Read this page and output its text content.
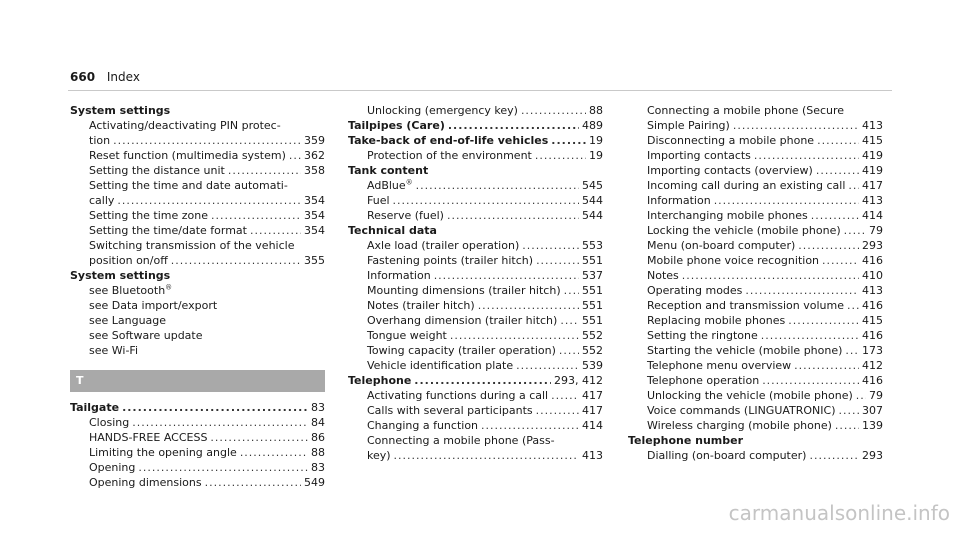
660 Index
System settings
Activating/deactivating PIN protec-
tion .....	359
Reset function (multimedia system) ..... 362
Setting the distance unit .....	358
Setting the time and date automati-
cally .....	354
Setting the time zone .....	354
Setting the time/date format .....	354
Switching transmission of the vehicle
position on/off .....	355
System settings
see Bluetooth®
see Data import/export
see Language
see Software update
see Wi-Fi
T
Tailgate .....	83
Closing .....	84
HANDS-FREE ACCESS .....	86
Limiting the opening angle .....	88
Opening .....	83
Opening dimensions .....	549
Unlocking (emergency key) .....	88
Tailpipes (Care) .....	489
Take-back of end-of-life vehicles .....	19
Protection of the environment .....	19
Tank content
AdBlue® .....	545
Fuel .....	544
Reserve (fuel) .....	544
Technical data
Axle load (trailer operation) .....	553
Fastening points (trailer hitch) .....	551
Information .....	537
Mounting dimensions (trailer hitch) ..... 551
Notes (trailer hitch) .....	551
Overhang dimension (trailer hitch) ..... 551
Tongue weight .....	552
Towing capacity (trailer operation) ..... 552
Vehicle identification plate .....	539
Telephone .....	293, 412
Activating functions during a call .....	417
Calls with several participants .....	417
Changing a function .....	414
Connecting a mobile phone (Pass-
key) .....	413
Connecting a mobile phone (Secure
Simple Pairing) .....	413
Disconnecting a mobile phone .....	415
Importing contacts .....	419
Importing contacts (overview) .....	419
Incoming call during an existing call ..... 417
Information .....	413
Interchanging mobile phones .....	414
Locking the vehicle (mobile phone) .....	79
Menu (on-board computer) .....	293
Mobile phone voice recognition .....	416
Notes .....	410
Operating modes .....	413
Reception and transmission volume ..... 416
Replacing mobile phones .....	415
Setting the ringtone .....	416
Starting the vehicle (mobile phone) ..... 173
Telephone menu overview .....	412
Telephone operation .....	416
Unlocking the vehicle (mobile phone) ..... 79
Voice commands (LINGUATRONIC) ..... 307
Wireless charging (mobile phone) .....	139
Telephone number
Dialling (on-board computer) .....	293
carmanualsonline.info
